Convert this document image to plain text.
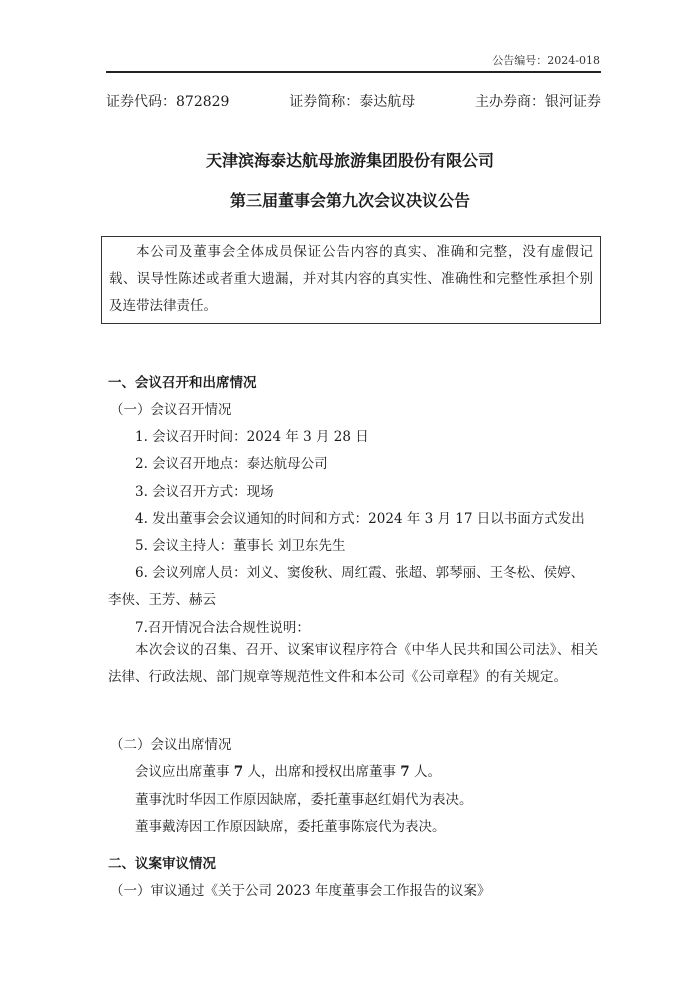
公告编号：2024-018
证券代码：872829	证券简称：泰达航母	主办券商：银河证券
天津滨海泰达航母旅游集团股份有限公司
第三届董事会第九次会议决议公告
本公司及董事会全体成员保证公告内容的真实、准确和完整，没有虚假记载、误导性陈述或者重大遗漏，并对其内容的真实性、准确性和完整性承担个别及连带法律责任。
一、会议召开和出席情况
（一）会议召开情况
1. 会议召开时间：2024 年 3 月 28 日
2. 会议召开地点：泰达航母公司
3. 会议召开方式：现场
4. 发出董事会会议通知的时间和方式：2024 年 3 月 17 日以书面方式发出
5. 会议主持人：董事长 刘卫东先生
6. 会议列席人员：刘义、窦俊秋、周红霞、张超、郭琴丽、王冬松、侯婷、
李侠、王芳、赫云
7.召开情况合法合规性说明：
本次会议的召集、召开、议案审议程序符合《中华人民共和国公司法》、相关法律、行政法规、部门规章等规范性文件和本公司《公司章程》的有关规定。
（二）会议出席情况
会议应出席董事 7 人，出席和授权出席董事 7 人。
董事沈时华因工作原因缺席，委托董事赵红娟代为表决。
董事戴涛因工作原因缺席，委托董事陈宸代为表决。
二、议案审议情况
（一）审议通过《关于公司 2023 年度董事会工作报告的议案》
